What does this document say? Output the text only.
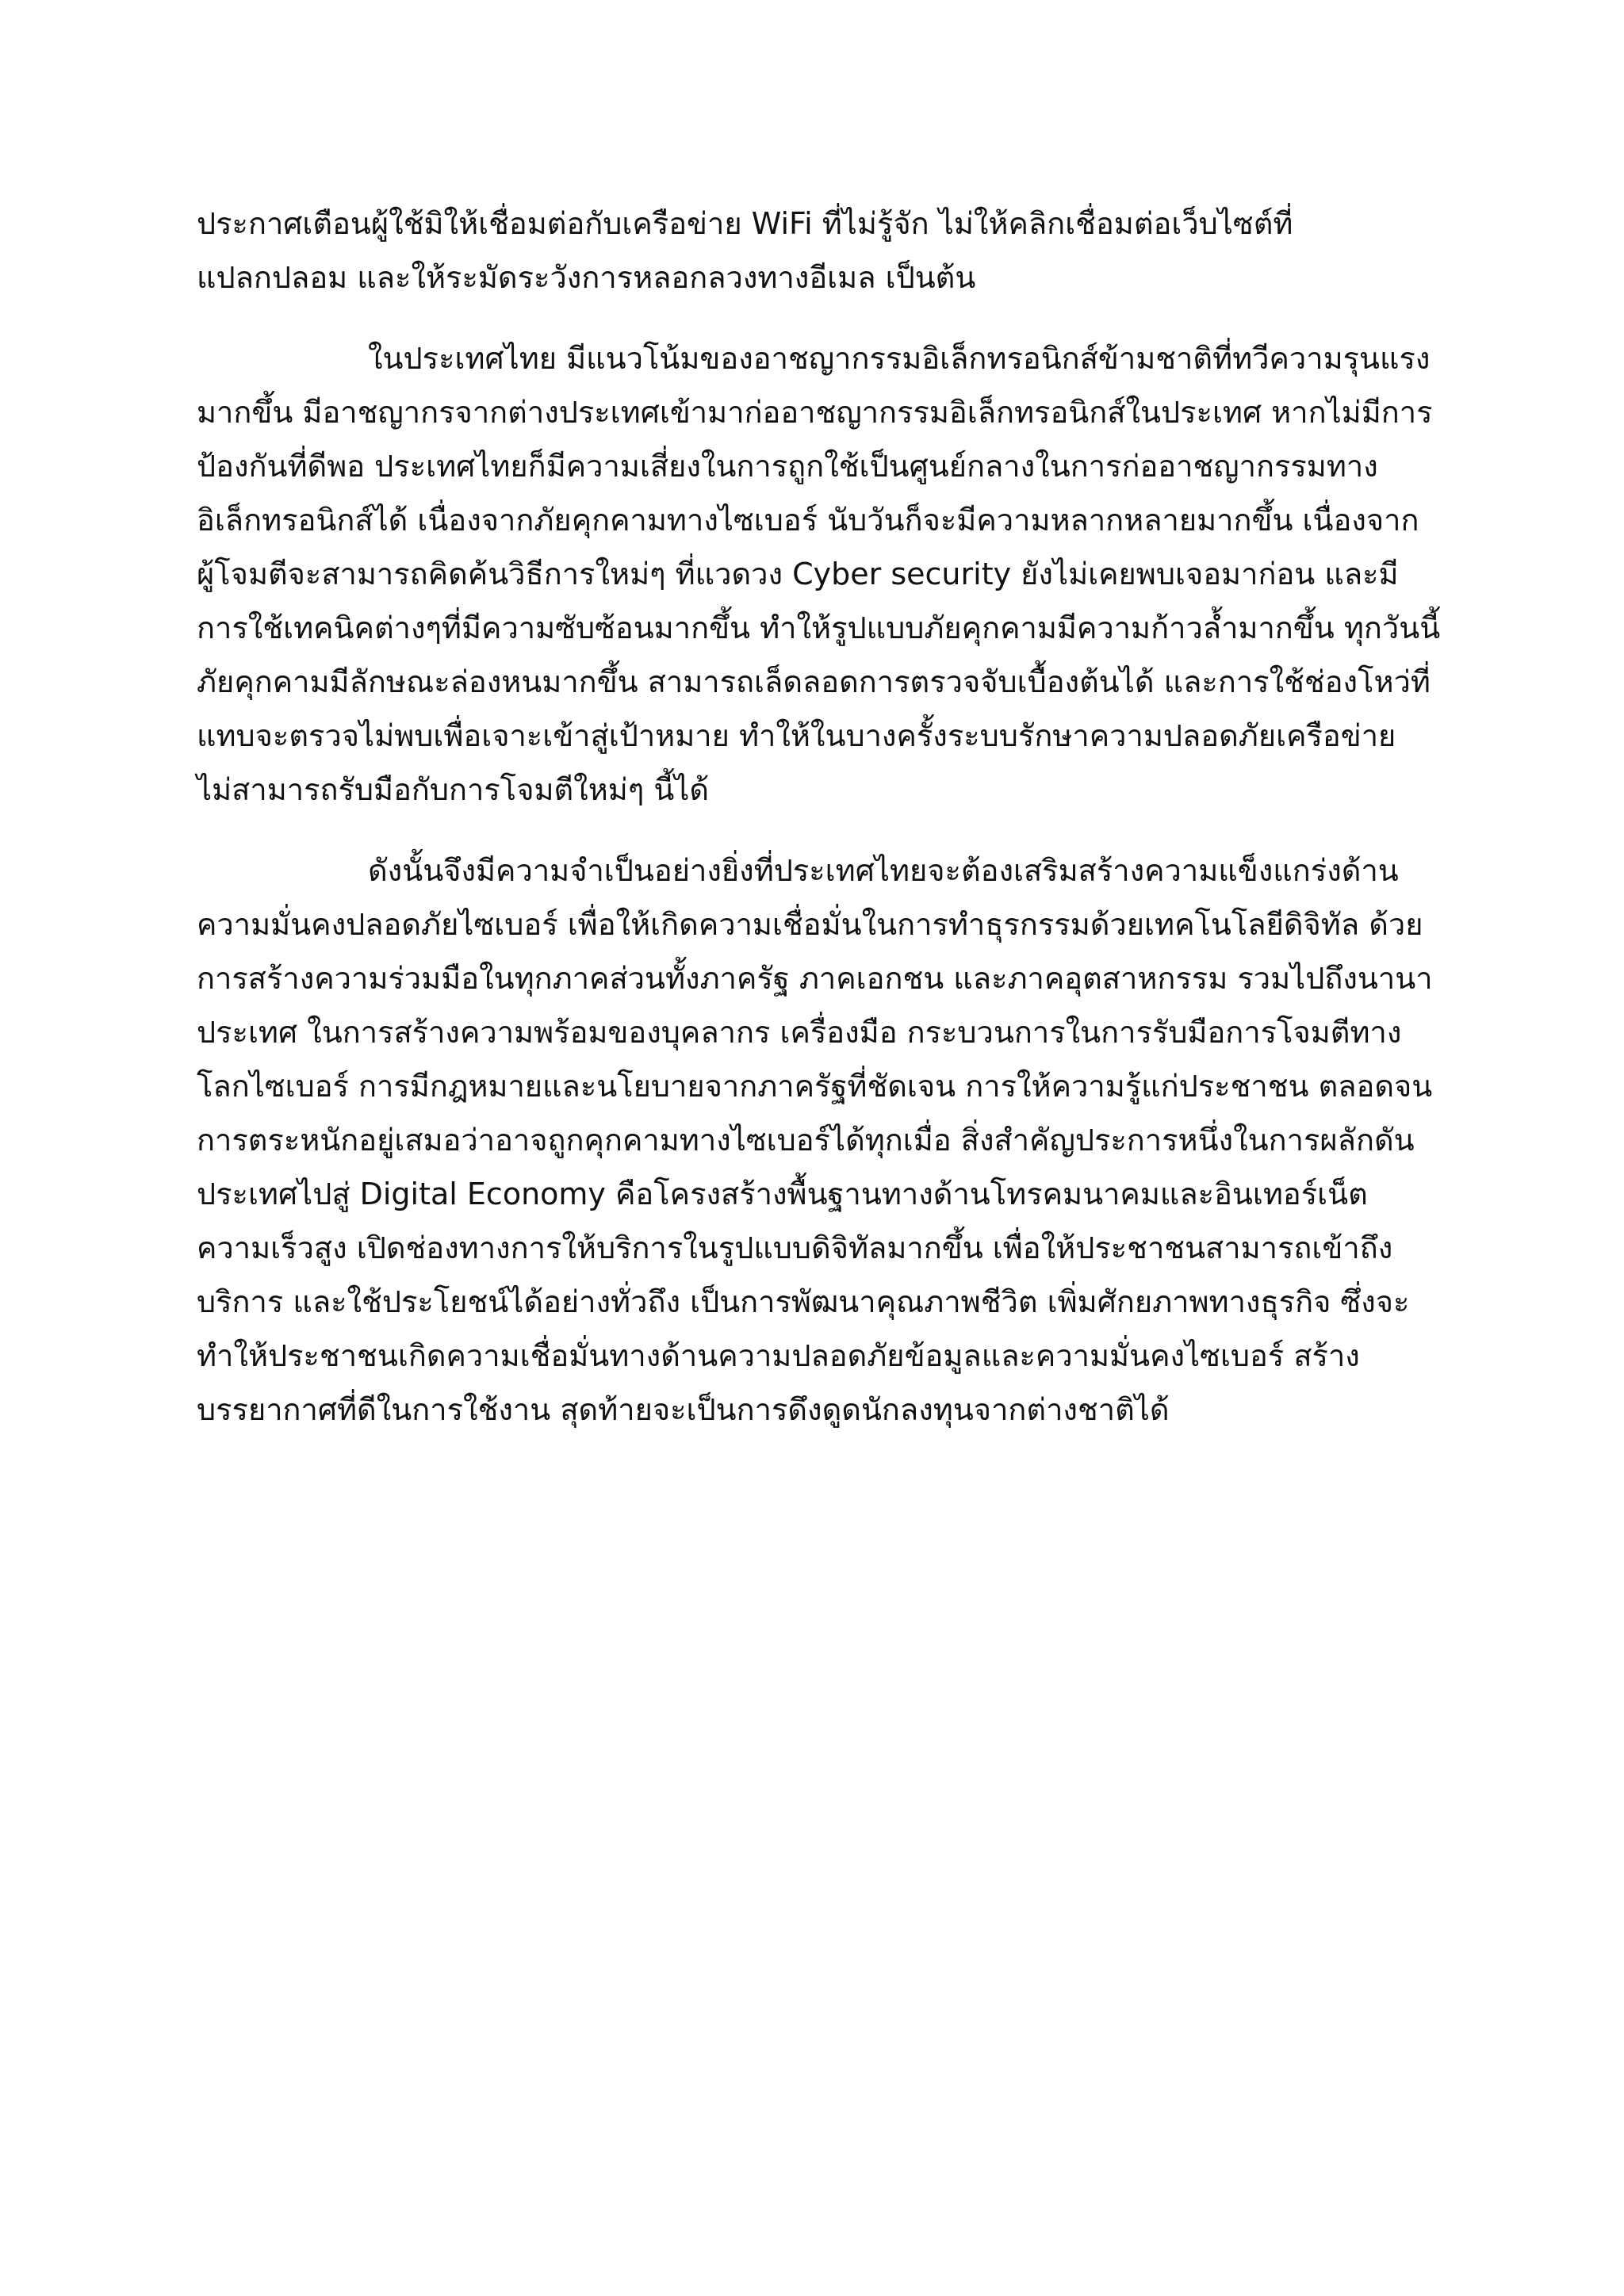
ประกาศเตือนผู้ใช้มิให้เชื่อมต่อกับเครือข่าย WiFi ที่ไม่รู้จัก ไม่ให้คลิกเชื่อมต่อเว็บไซต์ที่
แปลกปลอม และให้ระมัดระวังการหลอกลวงทางอีเมล เป็นต้น
ในประเทศไทย มีแนวโน้มของอาชญากรรมอิเล็กทรอนิกส์ข้ามชาติที่ทวีความรุนแรง
มากขึ้น มีอาชญากรจากต่างประเทศเข้ามาก่ออาชญากรรมอิเล็กทรอนิกส์ในประเทศ หากไม่มีการ
ป้องกันที่ดีพอ ประเทศไทยก็มีความเสี่ยงในการถูกใช้เป็นศูนย์กลางในการก่ออาชญากรรมทาง
อิเล็กทรอนิกส์ได้ เนื่องจากภัยคุกคามทางไซเบอร์ นับวันก็จะมีความหลากหลายมากขึ้น เนื่องจาก
ผู้โจมตีจะสามารถคิดค้นวิธีการใหม่ๆ ที่แวดวง Cyber security ยังไม่เคยพบเจอมาก่อน และมี
การใช้เทคนิคต่างๆที่มีความซับซ้อนมากขึ้น ทำให้รูปแบบภัยคุกคามมีความก้าวล้ำมากขึ้น ทุกวันนี้
ภัยคุกคามมีลักษณะล่องหนมากขึ้น สามารถเล็ดลอดการตรวจจับเบื้องต้นได้ และการใช้ช่องโหว่ที่
แทบจะตรวจไม่พบเพื่อเจาะเข้าสู่เป้าหมาย ทำให้ในบางครั้งระบบรักษาความปลอดภัยเครือข่าย
ไม่สามารถรับมือกับการโจมตีใหม่ๆ นี้ได้
ดังนั้นจึงมีความจำเป็นอย่างยิ่งที่ประเทศไทยจะต้องเสริมสร้างความแข็งแกร่งด้าน
ความมั่นคงปลอดภัยไซเบอร์ เพื่อให้เกิดความเชื่อมั่นในการทำธุรกรรมด้วยเทคโนโลยีดิจิทัล ด้วย
การสร้างความร่วมมือในทุกภาคส่วนทั้งภาครัฐ ภาคเอกชน และภาคอุตสาหกรรม รวมไปถึงนานา
ประเทศ ในการสร้างความพร้อมของบุคลากร เครื่องมือ กระบวนการในการรับมือการโจมตีทาง
โลกไซเบอร์ การมีกฎหมายและนโยบายจากภาครัฐที่ชัดเจน การให้ความรู้แก่ประชาชน ตลอดจน
การตระหนักอยู่เสมอว่าอาจถูกคุกคามทางไซเบอร์ได้ทุกเมื่อ สิ่งสำคัญประการหนึ่งในการผลักดัน
ประเทศไปสู่ Digital Economy คือโครงสร้างพื้นฐานทางด้านโทรคมนาคมและอินเทอร์เน็ต
ความเร็วสูง เปิดช่องทางการให้บริการในรูปแบบดิจิทัลมากขึ้น เพื่อให้ประชาชนสามารถเข้าถึง
บริการ และใช้ประโยชน์ได้อย่างทั่วถึง เป็นการพัฒนาคุณภาพชีวิต เพิ่มศักยภาพทางธุรกิจ ซึ่งจะ
ทำให้ประชาชนเกิดความเชื่อมั่นทางด้านความปลอดภัยข้อมูลและความมั่นคงไซเบอร์ สร้าง
บรรยากาศที่ดีในการใช้งาน สุดท้ายจะเป็นการดึงดูดนักลงทุนจากต่างชาติได้
